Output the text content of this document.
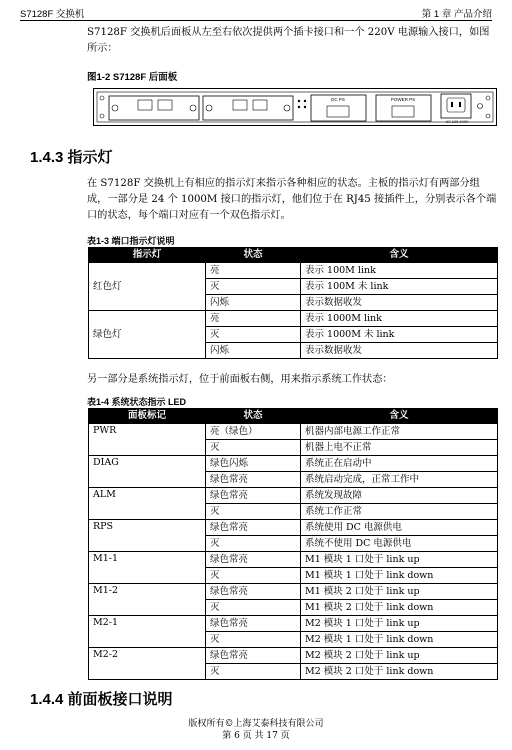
S7128F 交换机	第 1 章 产品介绍
S7128F 交换机后面板从左至右依次提供两个插卡接口和一个 220V 电源输入接口，如图所示：
图1-2 S7128F 后面板
DC PS	POWER PS
AC 100-240V
1.4.3 指示灯
在 S7128F 交换机上有相应的指示灯来指示各种相应的状态。主板的指示灯有两部分组成，一部分是 24 个 1000M 接口的指示灯，他们位于在 RJ45 接插件上，分别表示各个端口的状态，每个端口对应有一个双色指示灯。
表1-3 端口指示灯说明
指示灯	状态	含义
红色灯	亮	表示 100M link
	灭	表示 100M 未 link
	闪烁	表示数据收发
绿色灯	亮	表示 1000M link
	灭	表示 1000M 未 link
	闪烁	表示数据收发
另一部分是系统指示灯，位于前面板右侧，用来指示系统工作状态：
表1-4 系统状态指示 LED
面板标记	状态	含义
PWR	亮（绿色）	机器内部电源工作正常
	灭	机器上电不正常
DIAG	绿色闪烁	系统正在启动中
	绿色常亮	系统启动完成，正常工作中
ALM	绿色常亮	系统发现故障
	灭	系统工作正常
RPS	绿色常亮	系统使用 DC 电源供电
	灭	系统不使用 DC 电源供电
M1-1	绿色常亮	M1 模块 1 口处于 link up
	灭	M1 模块 1 口处于 link down
M1-2	绿色常亮	M1 模块 2 口处于 link up
	灭	M1 模块 2 口处于 link down
M2-1	绿色常亮	M2 模块 1 口处于 link up
	灭	M2 模块 1 口处于 link down
M2-2	绿色常亮	M2 模块 2 口处于 link up
	灭	M2 模块 2 口处于 link down
1.4.4 前面板接口说明
版权所有©上海艾泰科技有限公司
第 6 页 共 17 页
